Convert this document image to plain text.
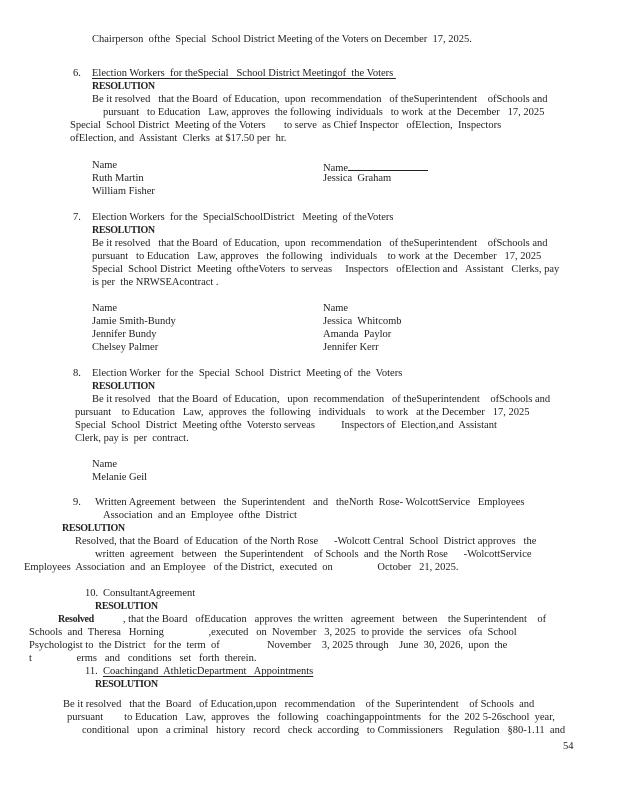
Chairperson  ofthe  Special  School District Meeting of the Voters on December  17, 2025.
6.	Election Workers  for theSpecial   School District Meetingof  the Voters
RESOLUTION
Be it resolved   that the Board  of Education,  upon  recommendation   of theSuperintendent    ofSchools and
pursuant   to Education   Law, approves  the following  individuals   to work  at the  December   17, 2025
Special  School District  Meeting of the Voters       to serve  as Chief Inspector   ofElection,  Inspectors
ofElection, and  Assistant  Clerks  at $17.50 per  hr.
Name	Name
Ruth Martin	Jessica  Graham
William Fisher
7.	Election Workers  for the  SpecialSchoolDistrict   Meeting  of theVoters
RESOLUTION
Be it resolved   that the Board  of Education,  upon  recommendation   of theSuperintendent    ofSchools and
pursuant   to Education   Law, approves   the following   individuals    to work  at the  December   17, 2025
Special  School District  Meeting  oftheVoters  to serveas     Inspectors   ofElection and   Assistant   Clerks, pay
is per  the NRWSEAcontract .
Name	Name
Jamie Smith-Bundy	Jessica  Whitcomb
Jennifer Bundy	Amanda  Paylor
Chelsey Palmer	Jennifer Kerr
8.	Election Worker  for the  Special  School  District  Meeting of  the  Voters
RESOLUTION
Be it resolved   that the Board  of Education,   upon  recommendation   of theSuperintendent    ofSchools and
pursuant    to Education   Law,  approves  the  following   individuals    to work   at the December   17, 2025
Special  School  District  Meeting ofthe  Votersto serveas          Inspectors of  Election,and  Assistant
Clerk, pay is  per  contract.
Name
Melanie Geil
9.	Written Agreement  between   the  Superintendent   and   theNorth  Rose- WolcottService   Employees
Association  and an  Employee  ofthe  District
RESOLUTION
Resolved, that the Board  of Education  of the North Rose      -Wolcott Central  School  District approves   the
written  agreement   between   the Superintendent    of Schools  and  the North Rose      -WolcottService
Employees  Association  and  an Employee   of the District,  executed  on                 October   21, 2025.
10. ConsultantAgreement
RESOLUTION
Resolved           , that the Board   ofEducation   approves  the written   agreement   between    the Superintendent    of
Schools  and  Theresa   Horning                 ,executed   on  November   3, 2025  to provide  the  services   ofa  School
Psychologist to  the District   for the  term  of                  November    3, 2025 through    June  30, 2026,  upon  the
t                 erms   and   conditions   set   forth  therein.
11. Coachingand  AthleticDepartment   Appointments
RESOLUTION
Be it resolved   that the  Board   of Education,upon   recommendation    of the  Superintendent    of Schools  and
pursuant        to Education   Law,  approves   the   following   coachingappointments   for  the  202 5-26school  year,
conditional   upon   a criminal   history   record   check  according   to Commissioners    Regulation   §80-1.11  and
54
